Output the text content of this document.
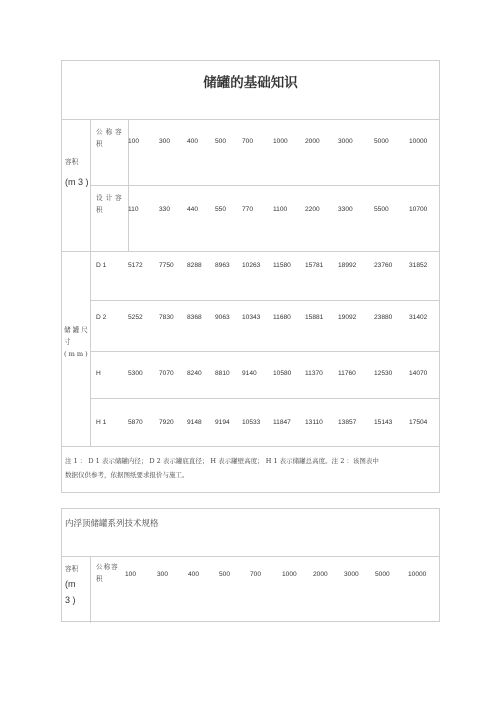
储罐的基础知识
容积
(m 3 )
公称容积
设计容积
100	300	400	500 700	1000	2000	3000	5000	10000
110	330	440	550 770	1100	2200	3300	5500	10700
储罐尺寸(mm)
D 1	5172 7750 8288 8963 10263 11580 15781 18992	23760	31852
D 2	5252 7830 8368 9063 10343 11680 15881 19092	23880	31402
H	5300 7070 8240 8810 9140 10580 11370 11760	12530	14070
H 1	5870 7920 9148 9194 10533 11847 13110 13857	15143	17504
注 1 ： D 1 表示储罐内径； D 2 表示罐底直径； H 表示罐壁高度； H 1 表示储罐总高度。注 2 ：该图表中
数据仅供参考，依据图纸要求报价与施工。
内浮顶储罐系列技术规格
容积
(m
3 )
公称容积
100	300	400	500	700	1000 2000 3000 5000	10000
